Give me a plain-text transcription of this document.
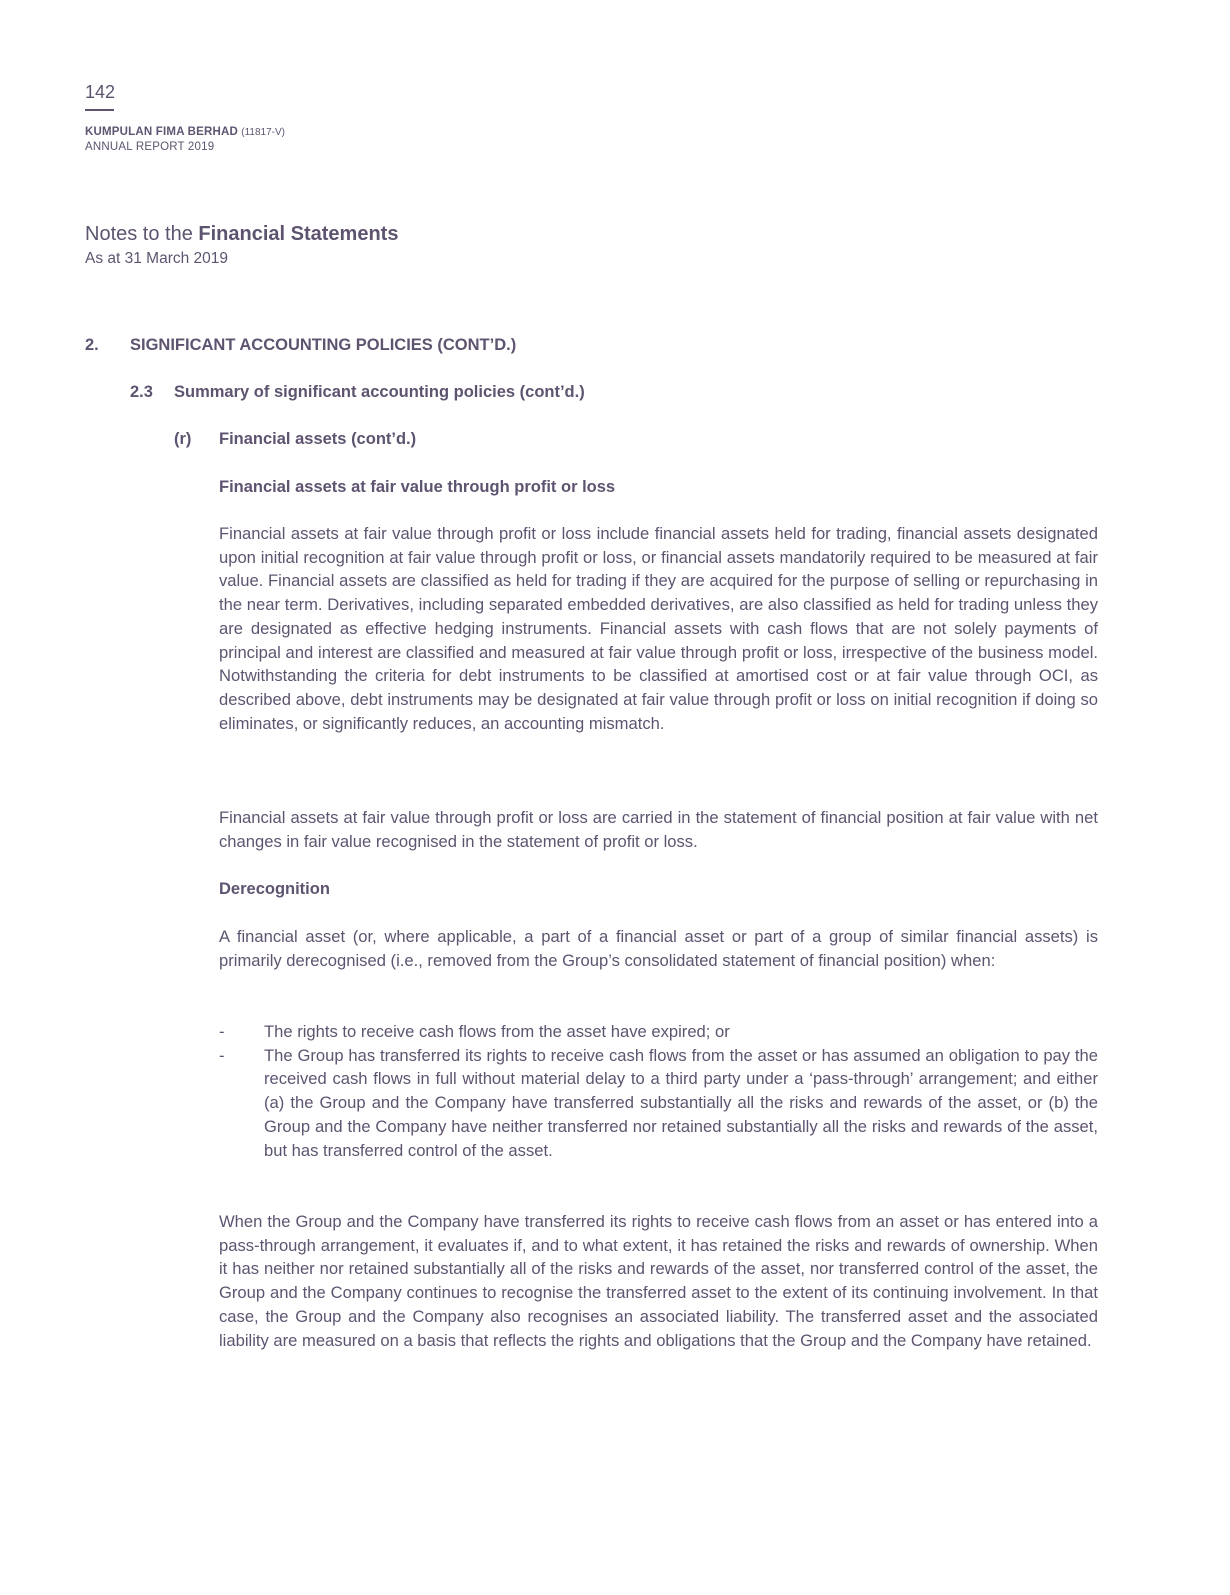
142
KUMPULAN FIMA BERHAD (11817-V)
ANNUAL REPORT 2019
Notes to the Financial Statements
As at 31 March 2019
2. SIGNIFICANT ACCOUNTING POLICIES (CONT’D.)
2.3 Summary of significant accounting policies (cont’d.)
(r) Financial assets (cont’d.)
Financial assets at fair value through profit or loss

Financial assets at fair value through profit or loss include financial assets held for trading, financial assets designated upon initial recognition at fair value through profit or loss, or financial assets mandatorily required to be measured at fair value. Financial assets are classified as held for trading if they are acquired for the purpose of selling or repurchasing in the near term. Derivatives, including separated embedded derivatives, are also classified as held for trading unless they are designated as effective hedging instruments. Financial assets with cash flows that are not solely payments of principal and interest are classified and measured at fair value through profit or loss, irrespective of the business model. Notwithstanding the criteria for debt instruments to be classified at amortised cost or at fair value through OCI, as described above, debt instruments may be designated at fair value through profit or loss on initial recognition if doing so eliminates, or significantly reduces, an accounting mismatch.

Financial assets at fair value through profit or loss are carried in the statement of financial position at fair value with net changes in fair value recognised in the statement of profit or loss.

Derecognition

A financial asset (or, where applicable, a part of a financial asset or part of a group of similar financial assets) is primarily derecognised (i.e., removed from the Group’s consolidated statement of financial position) when:

- The rights to receive cash flows from the asset have expired; or
- The Group has transferred its rights to receive cash flows from the asset or has assumed an obligation to pay the received cash flows in full without material delay to a third party under a ‘pass-through’ arrangement; and either (a) the Group and the Company have transferred substantially all the risks and rewards of the asset, or (b) the Group and the Company have neither transferred nor retained substantially all the risks and rewards of the asset, but has transferred control of the asset.

When the Group and the Company have transferred its rights to receive cash flows from an asset or has entered into a pass-through arrangement, it evaluates if, and to what extent, it has retained the risks and rewards of ownership. When it has neither nor retained substantially all of the risks and rewards of the asset, nor transferred control of the asset, the Group and the Company continues to recognise the transferred asset to the extent of its continuing involvement. In that case, the Group and the Company also recognises an associated liability. The transferred asset and the associated liability are measured on a basis that reflects the rights and obligations that the Group and the Company have retained.
